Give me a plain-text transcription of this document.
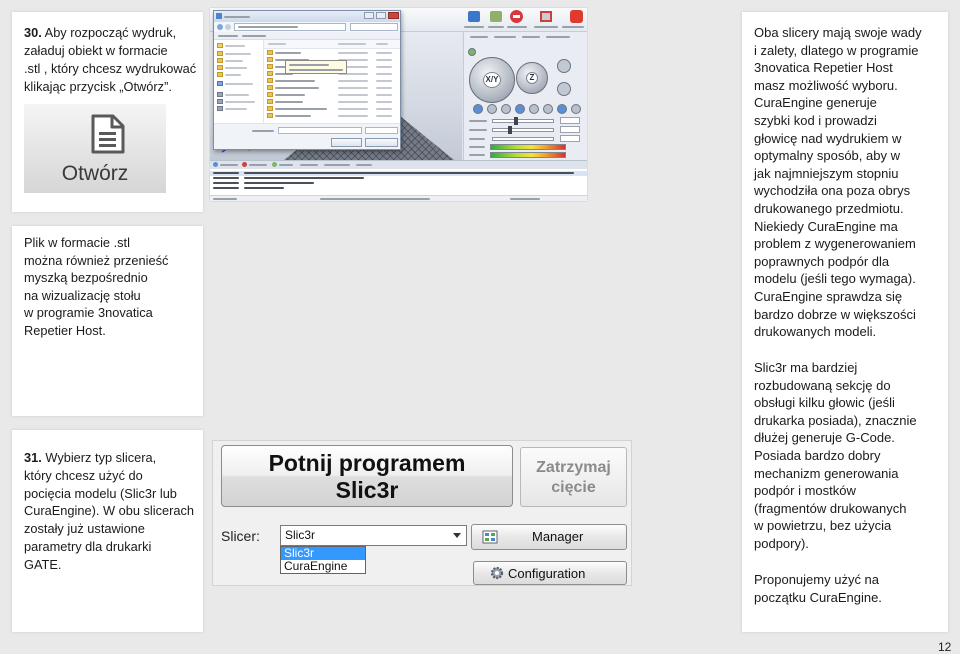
30. Aby rozpocząć wydruk,
załaduj obiekt w formacie
.stl , który chcesz wydrukować
klikając przycisk „Otwórz”.
Otwórz
Plik w formacie .stl
można również przenieść
myszką bezpośrednio
na wizualizację stołu
w programie 3novatica
Repetier Host.
31. Wybierz typ slicera,
który chcesz użyć do
pocięcia modelu (Slic3r lub
CuraEngine). W obu slicerach
zostały już ustawione
parametry dla drukarki
GATE.
X/Y	Z
Potnij programem
Slic3r
Zatrzymaj
cięcie
Slicer:	Slic3r	Manager
Configuration
Slic3r
CuraEngine
Oba slicery mają swoje wady
i zalety, dlatego w programie
3novatica Repetier Host
masz możliwość wyboru.
CuraEngine generuje
szybki kod i prowadzi
głowicę nad wydrukiem w
optymalny sposób, aby w
jak najmniejszym stopniu
wychodziła ona poza obrys
drukowanego przedmiotu.
Niekiedy CuraEngine ma
problem z wygenerowaniem
poprawnych podpór dla
modelu (jeśli tego wymaga).
CuraEngine sprawdza się
bardzo dobrze w większości
drukowanych modeli.
Slic3r ma bardziej
rozbudowaną sekcję do
obsługi kilku głowic (jeśli
drukarka posiada), znacznie
dłużej generuje G-Code.
Posiada bardzo dobry
mechanizm generowania
podpór i mostków
(fragmentów drukowanych
w powietrzu, bez użycia
podpory).
Proponujemy użyć na
początku CuraEngine.
12
